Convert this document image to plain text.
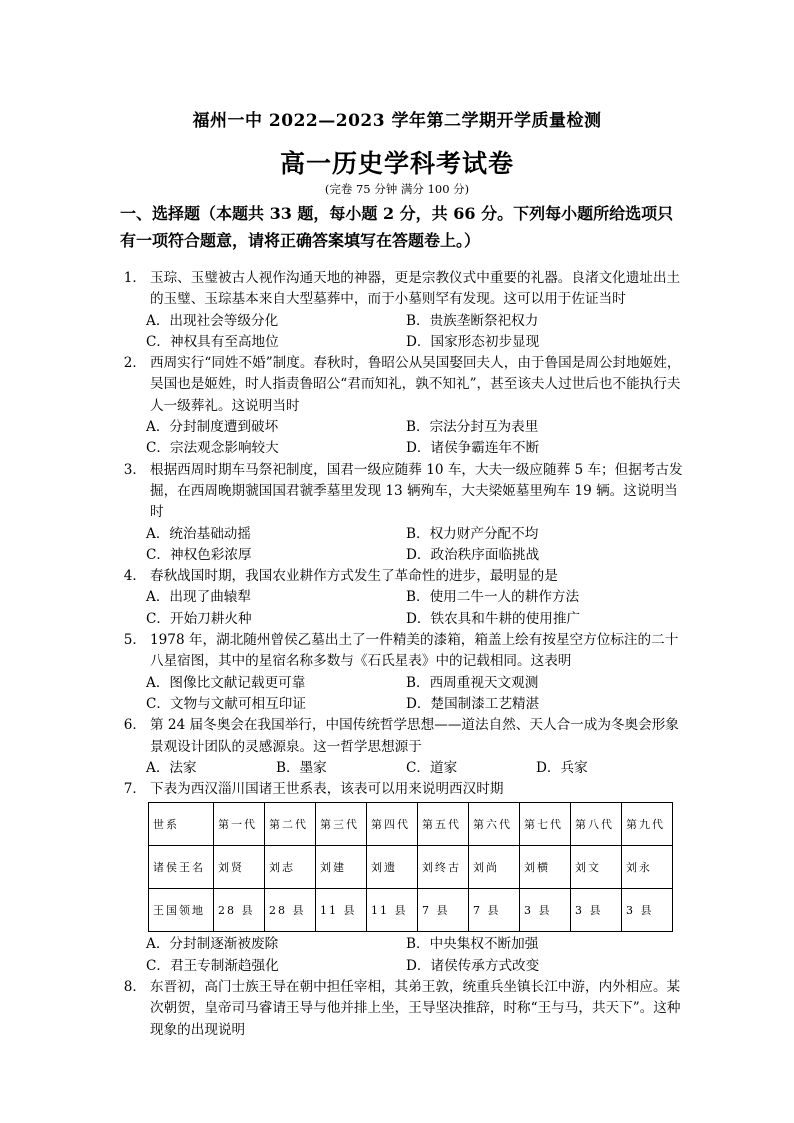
福州一中 2022—2023 学年第二学期开学质量检测
高一历史学科考试卷
(完卷 75 分钟 满分 100 分)
一、选择题（本题共 33 题，每小题 2 分，共 66 分。下列每小题所给选项只有一项符合题意，请将正确答案填写在答题卷上。）
1． 玉琮、玉璧被古人视作沟通天地的神器，更是宗教仪式中重要的礼器。良渚文化遗址出土的玉璧、玉琮基本来自大型墓葬中，而于小墓则罕有发现。这可以用于佐证当时
A．出现社会等级分化	B．贵族垄断祭祀权力
C．神权具有至高地位	D．国家形态初步显现
2． 西周实行“同姓不婚”制度。春秋时，鲁昭公从吴国娶回夫人，由于鲁国是周公封地姬姓，吴国也是姬姓，时人指责鲁昭公“君而知礼，孰不知礼”，甚至该夫人过世后也不能执行夫人一级葬礼。这说明当时
A．分封制度遭到破坏	B．宗法分封互为表里
C．宗法观念影响较大	D．诸侯争霸连年不断
3． 根据西周时期车马祭祀制度，国君一级应随葬 10 车，大夫一级应随葬 5 车；但据考古发掘，在西周晚期虢国国君虢季墓里发现 13 辆殉车，大夫梁姬墓里殉车 19 辆。这说明当时
A．统治基础动摇	B．权力财产分配不均
C．神权色彩浓厚	D．政治秩序面临挑战
4． 春秋战国时期，我国农业耕作方式发生了革命性的进步，最明显的是
A．出现了曲辕犁	B．使用二牛一人的耕作方法
C．开始刀耕火种	D．铁农具和牛耕的使用推广
5． 1978 年，湖北随州曾侯乙墓出土了一件精美的漆箱，箱盖上绘有按星空方位标注的二十八星宿图，其中的星宿名称多数与《石氏星表》中的记载相同。这表明
A．图像比文献记载更可靠	B．西周重视天文观测
C．文物与文献可相互印证	D．楚国制漆工艺精湛
6． 第 24 届冬奥会在我国举行，中国传统哲学思想——道法自然、天人合一成为冬奥会形象景观设计团队的灵感源泉。这一哲学思想源于
A．法家	B．墨家	C．道家	D．兵家
7． 下表为西汉淄川国诸王世系表，该表可以用来说明西汉时期
世系	第一代	第二代	第三代	第四代	第五代	第六代	第七代	第八代	第九代
诸侯王名	刘贤	刘志	刘建	刘遗	刘终古	刘尚	刘横	刘文	刘永
王国领地	28 县	28 县	11 县	11 县	7 县	7 县	3 县	3 县	3 县
A．分封制逐渐被废除	B．中央集权不断加强
C．君王专制渐趋强化	D．诸侯传承方式改变
8． 东晋初，高门士族王导在朝中担任宰相，其弟王敦，统重兵坐镇长江中游，内外相应。某次朝贺，皇帝司马睿请王导与他并排上坐，王导坚决推辞，时称“王与马，共天下”。这种现象的出现说明
